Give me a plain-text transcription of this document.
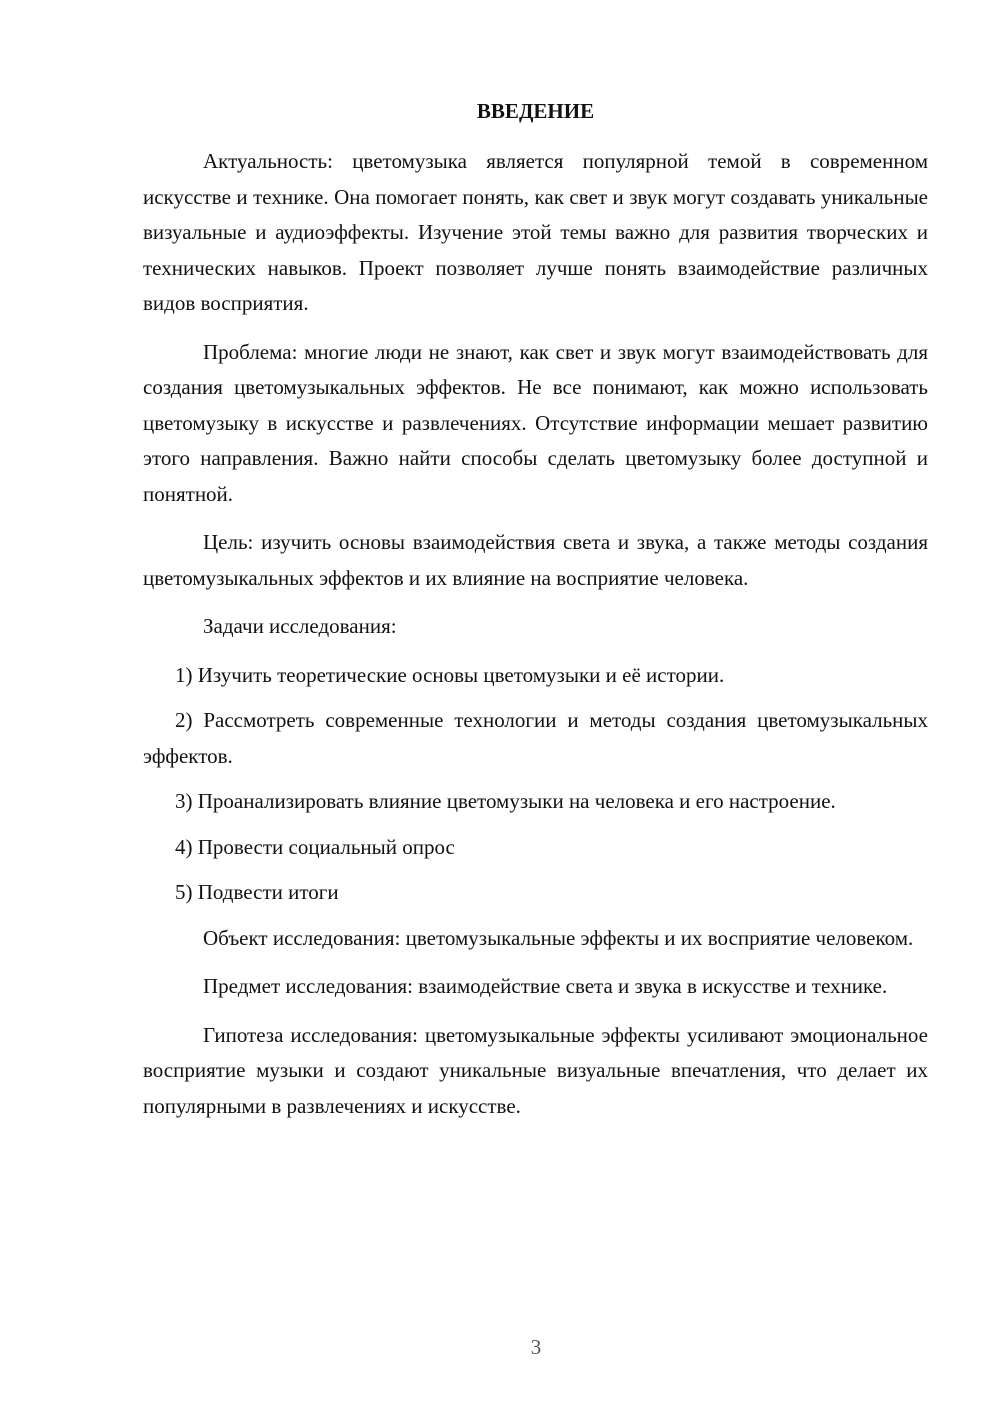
ВВЕДЕНИЕ

Актуальность: цветомузыка является популярной темой в современном искусстве и технике. Она помогает понять, как свет и звук могут создавать уникальные визуальные и аудиоэффекты. Изучение этой темы важно для развития творческих и технических навыков. Проект позволяет лучше понять взаимодействие различных видов восприятия.

Проблема: многие люди не знают, как свет и звук могут взаимодействовать для создания цветомузыкальных эффектов. Не все понимают, как можно использовать цветомузыку в искусстве и развлечениях. Отсутствие информации мешает развитию этого направления. Важно найти способы сделать цветомузыку более доступной и понятной.

Цель: изучить основы взаимодействия света и звука, а также методы создания цветомузыкальных эффектов и их влияние на восприятие человека.

Задачи исследования:

1) Изучить теоретические основы цветомузыки и её истории.

2) Рассмотреть современные технологии и методы создания цветомузыкальных эффектов.

3) Проанализировать влияние цветомузыки на человека и его настроение.

4) Провести социальный опрос

5) Подвести итоги

Объект исследования: цветомузыкальные эффекты и их восприятие человеком.

Предмет исследования: взаимодействие света и звука в искусстве и технике.

Гипотеза исследования: цветомузыкальные эффекты усиливают эмоциональное восприятие музыки и создают уникальные визуальные впечатления, что делает их популярными в развлечениях и искусстве.

3
